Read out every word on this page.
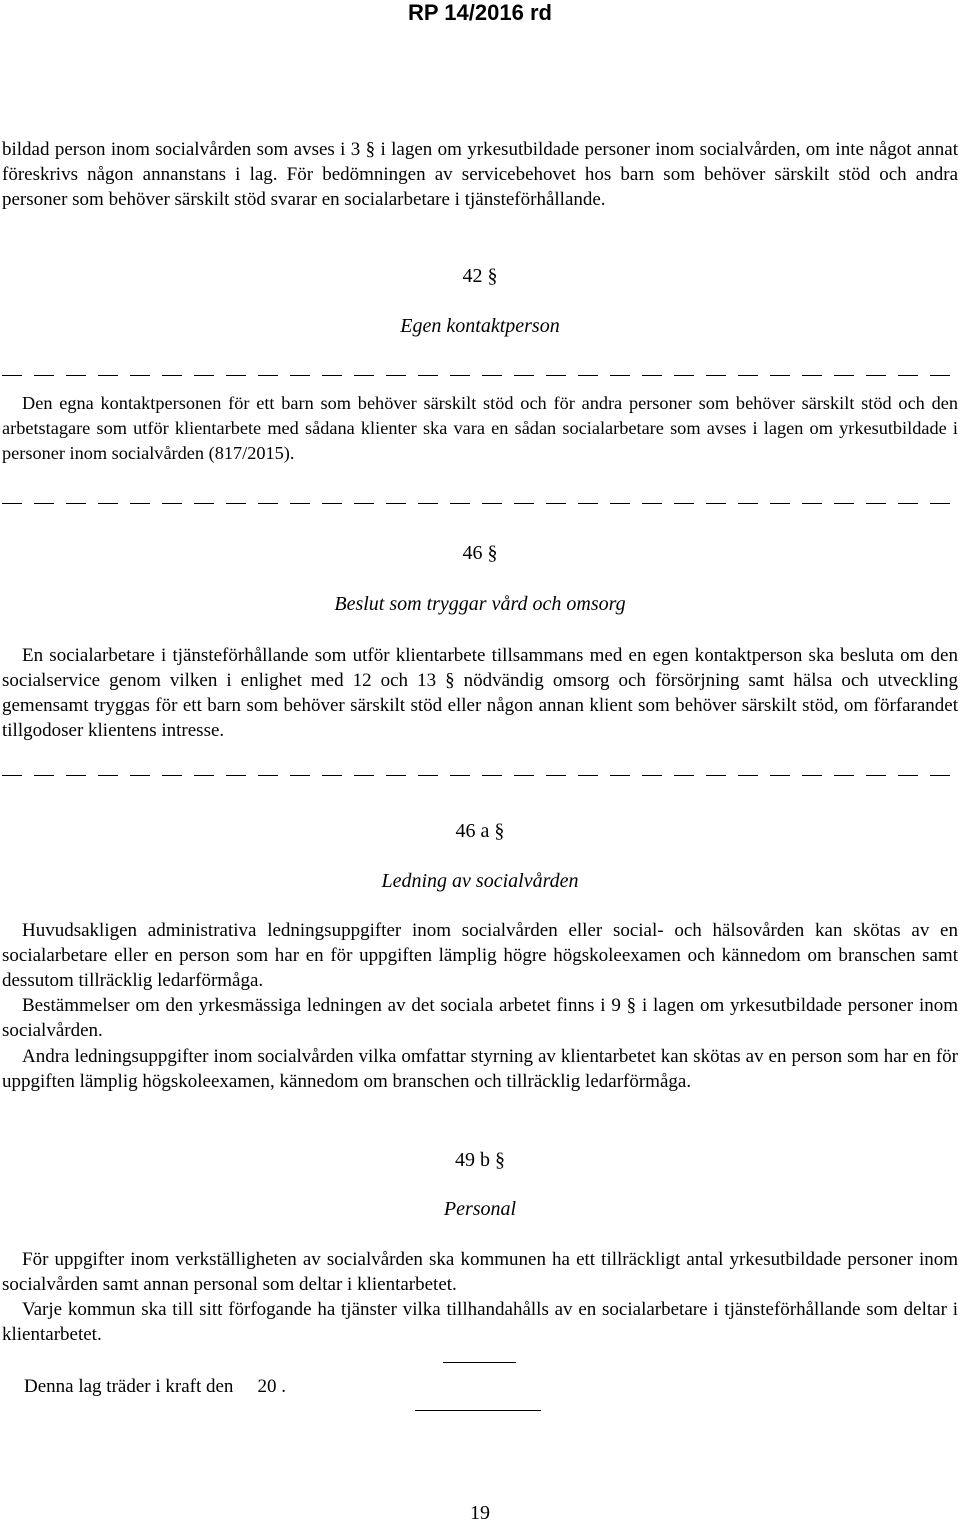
RP 14/2016 rd

bildad person inom socialvården som avses i 3 § i lagen om yrkesutbildade personer inom socialvården, om inte något annat föreskrivs någon annanstans i lag. För bedömningen av servicebehovet hos barn som behöver särskilt stöd och andra personer som behöver särskilt stöd svarar en socialarbetare i tjänsteförhållande.

42 §
Egen kontaktperson

Den egna kontaktpersonen för ett barn som behöver särskilt stöd och för andra personer som behöver särskilt stöd och den arbetstagare som utför klientarbete med sådana klienter ska vara en sådan socialarbetare som avses i lagen om yrkesutbildade i personer inom socialvården (817/2015).

46 §
Beslut som tryggar vård och omsorg

En socialarbetare i tjänsteförhållande som utför klientarbete tillsammans med en egen kontaktperson ska besluta om den socialservice genom vilken i enlighet med 12 och 13 § nödvändig omsorg och försörjning samt hälsa och utveckling gemensamt tryggas för ett barn som behöver särskilt stöd eller någon annan klient som behöver särskilt stöd, om förfarandet tillgodoser klientens intresse.

46 a §
Ledning av socialvården

Huvudsakligen administrativa ledningsuppgifter inom socialvården eller social- och hälsovården kan skötas av en socialarbetare eller en person som har en för uppgiften lämplig högre högskoleexamen och kännedom om branschen samt dessutom tillräcklig ledarförmåga.

Bestämmelser om den yrkesmässiga ledningen av det sociala arbetet finns i 9 § i lagen om yrkesutbildade personer inom socialvården.

Andra ledningsuppgifter inom socialvården vilka omfattar styrning av klientarbetet kan skötas av en person som har en för uppgiften lämplig högskoleexamen, kännedom om branschen och tillräcklig ledarförmåga.

49 b §
Personal

För uppgifter inom verkställigheten av socialvården ska kommunen ha ett tillräckligt antal yrkesutbildade personer inom socialvården samt annan personal som deltar i klientarbetet.

Varje kommun ska till sitt förfogande ha tjänster vilka tillhandahålls av en socialarbetare i tjänsteförhållande som deltar i klientarbetet.

Denna lag träder i kraft den 20 .
19
